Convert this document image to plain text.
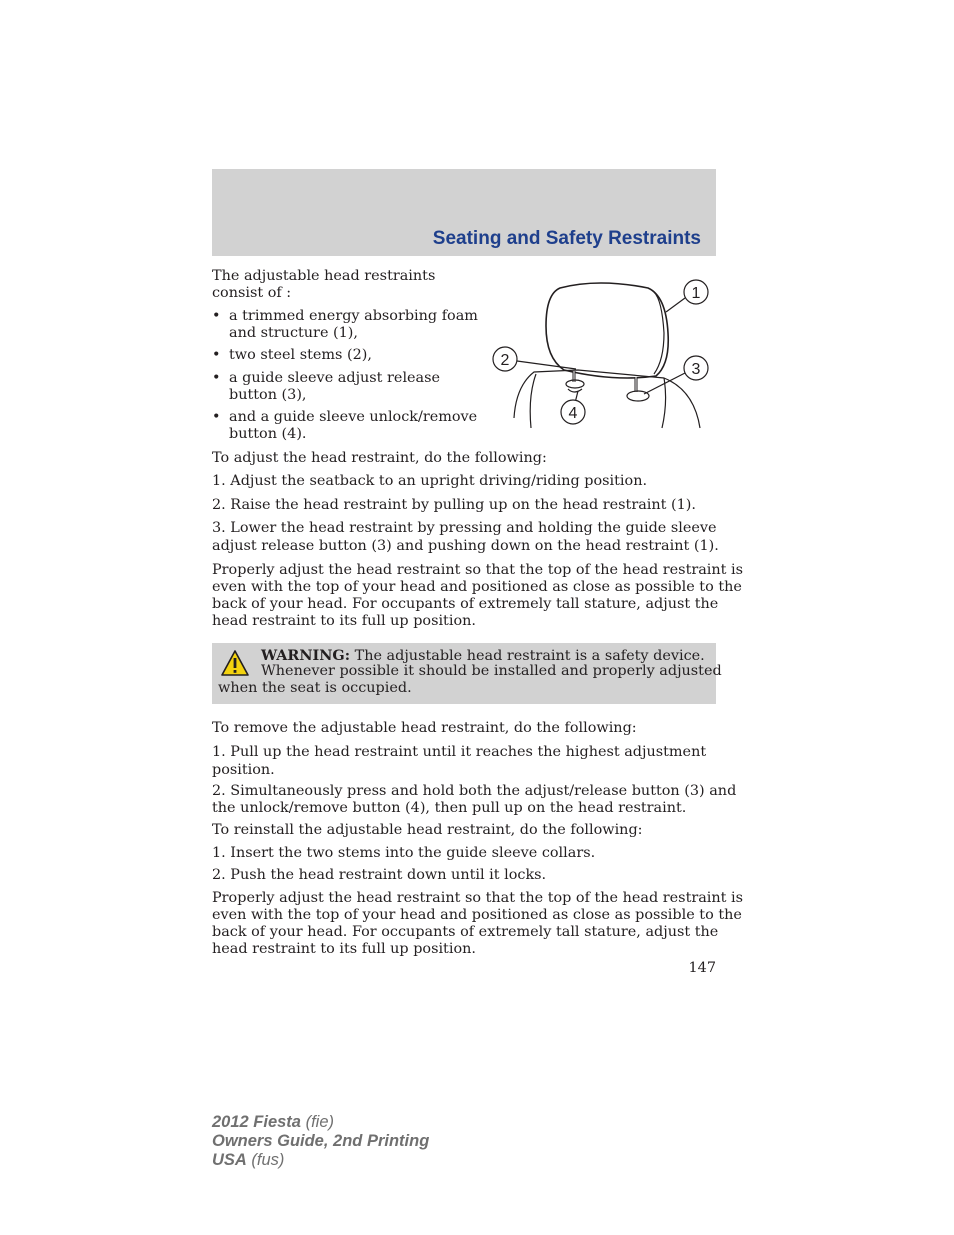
Seating and Safety Restraints
The adjustable head restraints
consist of :
• a trimmed energy absorbing foam
and structure (1),
• two steel stems (2),
• a guide sleeve adjust release
button (3),
• and a guide sleeve unlock/remove
button (4).
1
2
3
4

To adjust the head restraint, do the following:

1. Adjust the seatback to an upright driving/riding position.

2. Raise the head restraint by pulling up on the head restraint (1).

3. Lower the head restraint by pressing and holding the guide sleeve
adjust release button (3) and pushing down on the head restraint (1).

Properly adjust the head restraint so that the top of the head restraint is
even with the top of your head and positioned as close as possible to the
back of your head. For occupants of extremely tall stature, adjust the
head restraint to its full up position.

WARNING: The adjustable head restraint is a safety device.
Whenever possible it should be installed and properly adjusted
when the seat is occupied.

To remove the adjustable head restraint, do the following:

1. Pull up the head restraint until it reaches the highest adjustment
position.

2. Simultaneously press and hold both the adjust/release button (3) and
the unlock/remove button (4), then pull up on the head restraint.

To reinstall the adjustable head restraint, do the following:

1. Insert the two stems into the guide sleeve collars.

2. Push the head restraint down until it locks.

Properly adjust the head restraint so that the top of the head restraint is
even with the top of your head and positioned as close as possible to the
back of your head. For occupants of extremely tall stature, adjust the
head restraint to its full up position.

147
2012 Fiesta (fie)
Owners Guide, 2nd Printing
USA (fus)
